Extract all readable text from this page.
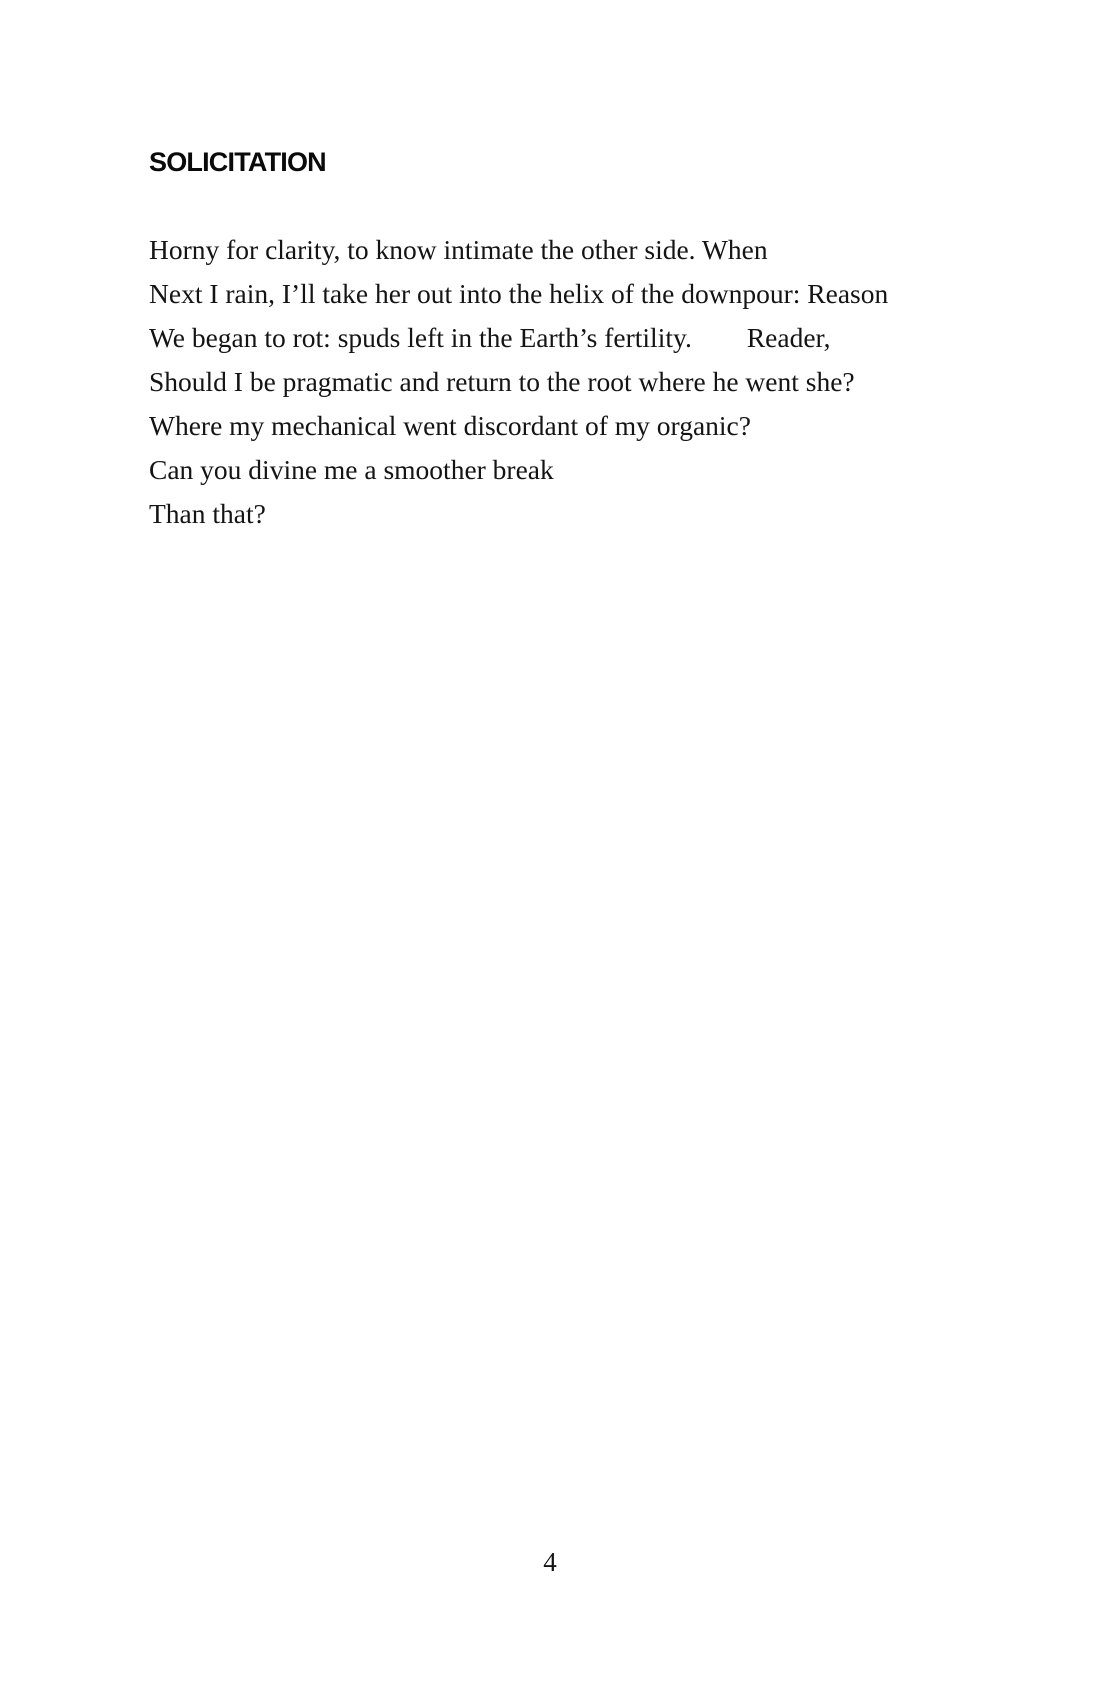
SOLICITATION
Horny for clarity, to know intimate the other side. When
Next I rain, I’ll take her out into the helix of the downpour: Reason
We began to rot: spuds left in the Earth’s fertility. Reader,
Should I be pragmatic and return to the root where he went she?
Where my mechanical went discordant of my organic?
Can you divine me a smoother break
Than that?
4
